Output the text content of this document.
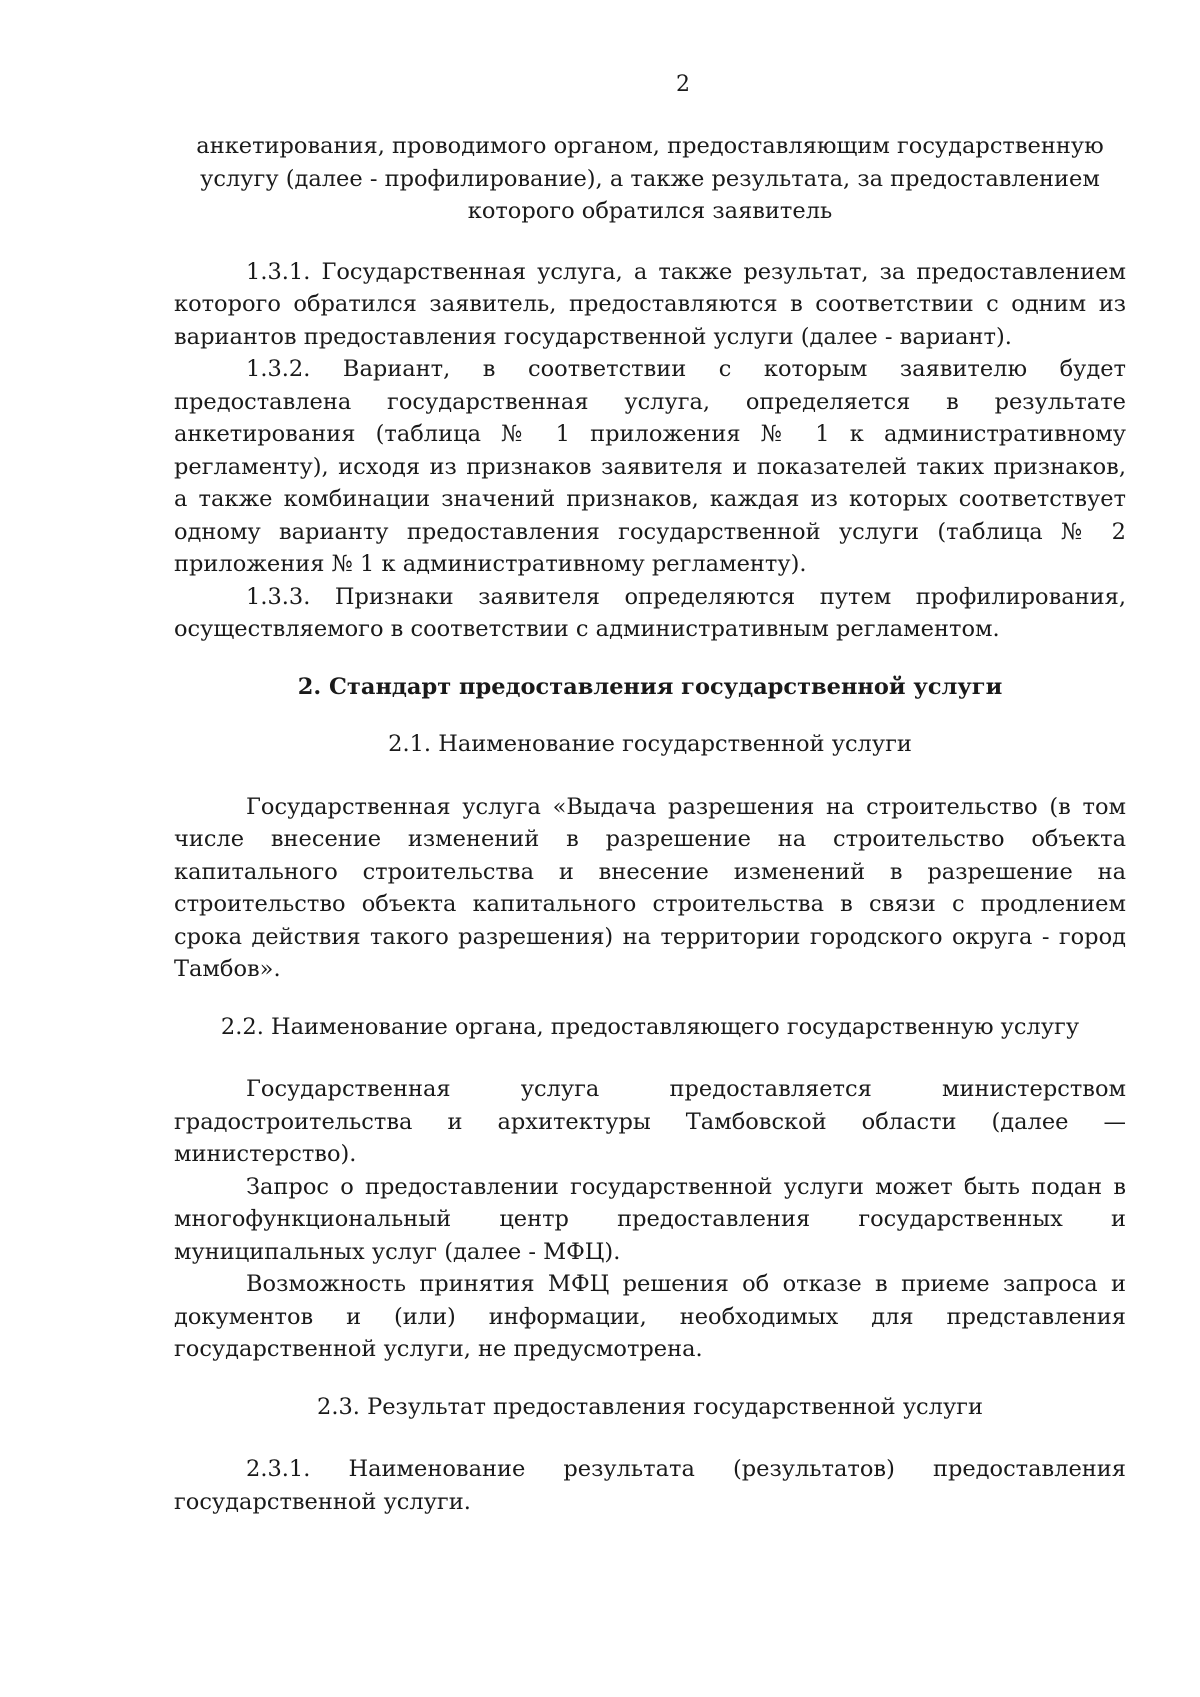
2

анкетирования, проводимого органом, предоставляющим государственную

услугу (далее - профилирование), а также результата, за предоставлением

которого обратился заявитель

1.3.1. Государственная услуга, а также результат, за предоставлением которого обратился заявитель, предоставляются в соответствии с одним из вариантов предоставления государственной услуги (далее - вариант).

1.3.2. Вариант, в соответствии с которым заявителю будет предоставлена государственная услуга, определяется в результате анкетирования (таблица № 1 приложения № 1 к административному регламенту), исходя из признаков заявителя и показателей таких признаков, а также комбинации значений признаков, каждая из которых соответствует одному варианту предоставления государственной услуги (таблица № 2 приложения № 1 к административному регламенту).

1.3.3. Признаки заявителя определяются путем профилирования, осуществляемого в соответствии с административным регламентом.

2. Стандарт предоставления государственной услуги

2.1. Наименование государственной услуги

Государственная услуга «Выдача разрешения на строительство (в том числе внесение изменений в разрешение на строительство объекта капитального строительства и внесение изменений в разрешение на строительство объекта капитального строительства в связи с продлением срока действия такого разрешения) на территории городского округа - город Тамбов».

2.2. Наименование органа, предоставляющего государственную услугу

Государственная услуга предоставляется министерством градостроительства и архитектуры Тамбовской области (далее — министерство).

Запрос о предоставлении государственной услуги может быть подан в многофункциональный центр предоставления государственных и муниципальных услуг (далее - МФЦ).

Возможность принятия МФЦ решения об отказе в приеме запроса и документов и (или) информации, необходимых для представления государственной услуги, не предусмотрена.

2.3. Результат предоставления государственной услуги

2.3.1. Наименование результата (результатов) предоставления государственной услуги.
